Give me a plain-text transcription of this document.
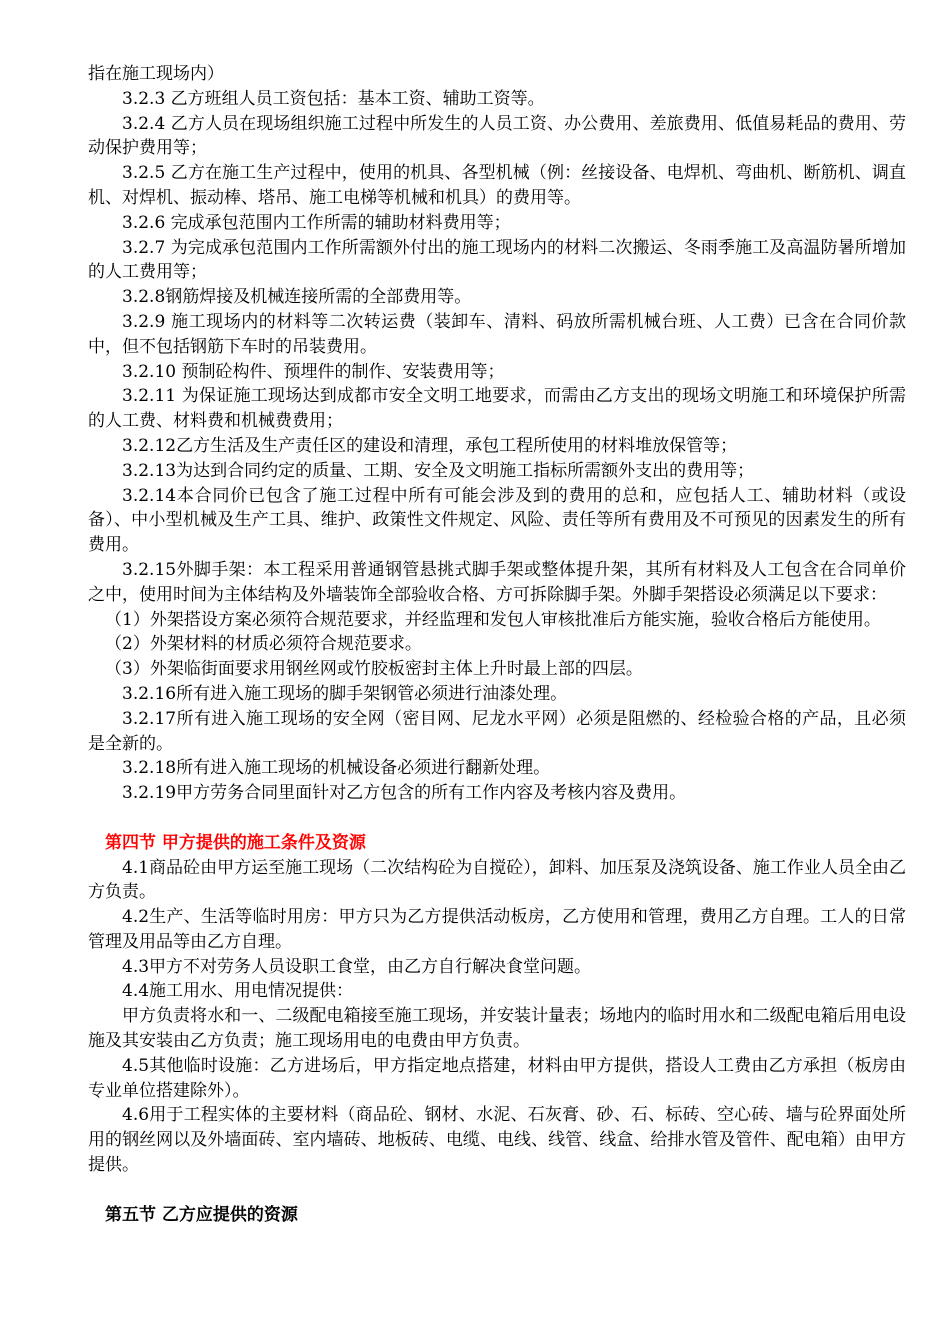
指在施工现场内）

3.2.3 乙方班组人员工资包括：基本工资、辅助工资等。

3.2.4 乙方人员在现场组织施工过程中所发生的人员工资、办公费用、差旅费用、低值易耗品的费用、劳动保护费用等；

3.2.5 乙方在施工生产过程中，使用的机具、各型机械（例：丝接设备、电焊机、弯曲机、断筋机、调直机、对焊机、振动棒、塔吊、施工电梯等机械和机具）的费用等。

3.2.6 完成承包范围内工作所需的辅助材料费用等；

3.2.7 为完成承包范围内工作所需额外付出的施工现场内的材料二次搬运、冬雨季施工及高温防暑所增加的人工费用等；

3.2.8钢筋焊接及机械连接所需的全部费用等。

3.2.9 施工现场内的材料等二次转运费（装卸车、清料、码放所需机械台班、人工费）已含在合同价款中，但不包括钢筋下车时的吊装费用。

3.2.10 预制砼构件、预埋件的制作、安装费用等；

3.2.11 为保证施工现场达到成都市安全文明工地要求，而需由乙方支出的现场文明施工和环境保护所需的人工费、材料费和机械费费用；

3.2.12乙方生活及生产责任区的建设和清理，承包工程所使用的材料堆放保管等；

3.2.13为达到合同约定的质量、工期、安全及文明施工指标所需额外支出的费用等；

3.2.14本合同价已包含了施工过程中所有可能会涉及到的费用的总和，应包括人工、辅助材料（或设备）、中小型机械及生产工具、维护、政策性文件规定、风险、责任等所有费用及不可预见的因素发生的所有费用。

3.2.15外脚手架：本工程采用普通钢管悬挑式脚手架或整体提升架，其所有材料及人工包含在合同单价之中，使用时间为主体结构及外墙装饰全部验收合格、方可拆除脚手架。外脚手架搭设必须满足以下要求：

（1）外架搭设方案必须符合规范要求，并经监理和发包人审核批准后方能实施，验收合格后方能使用。

（2）外架材料的材质必须符合规范要求。

（3）外架临街面要求用钢丝网或竹胶板密封主体上升时最上部的四层。

3.2.16所有进入施工现场的脚手架钢管必须进行油漆处理。

3.2.17所有进入施工现场的安全网（密目网、尼龙水平网）必须是阻燃的、经检验合格的产品，且必须是全新的。

3.2.18所有进入施工现场的机械设备必须进行翻新处理。

3.2.19甲方劳务合同里面针对乙方包含的所有工作内容及考核内容及费用。

第四节 甲方提供的施工条件及资源

4.1商品砼由甲方运至施工现场（二次结构砼为自搅砼），卸料、加压泵及浇筑设备、施工作业人员全由乙方负责。

4.2生产、生活等临时用房：甲方只为乙方提供活动板房，乙方使用和管理，费用乙方自理。工人的日常管理及用品等由乙方自理。

4.3甲方不对劳务人员设职工食堂，由乙方自行解决食堂问题。

4.4施工用水、用电情况提供：

甲方负责将水和一、二级配电箱接至施工现场，并安装计量表；场地内的临时用水和二级配电箱后用电设施及其安装由乙方负责；施工现场用电的电费由甲方负责。

4.5其他临时设施：乙方进场后，甲方指定地点搭建，材料由甲方提供，搭设人工费由乙方承担（板房由专业单位搭建除外）。

4.6用于工程实体的主要材料（商品砼、钢材、水泥、石灰膏、砂、石、标砖、空心砖、墙与砼界面处所用的钢丝网以及外墙面砖、室内墙砖、地板砖、电缆、电线、线管、线盒、给排水管及管件、配电箱）由甲方提供。

第五节 乙方应提供的资源
